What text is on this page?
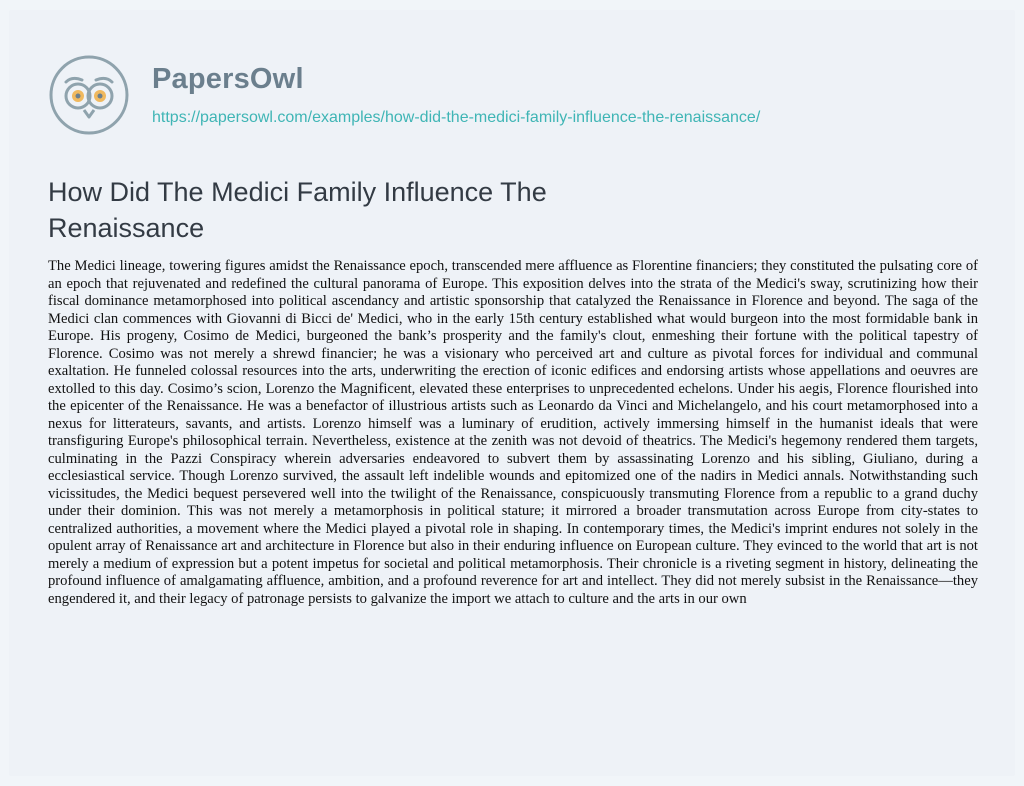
PapersOwl
https://papersowl.com/examples/how-did-the-medici-family-influence-the-renaissance/
How Did The Medici Family Influence The Renaissance

The Medici lineage, towering figures amidst the Renaissance epoch, transcended mere affluence as Florentine financiers; they constituted the pulsating core of an epoch that rejuvenated and redefined the cultural panorama of Europe. This exposition delves into the strata of the Medici's sway, scrutinizing how their fiscal dominance metamorphosed into political ascendancy and artistic sponsorship that catalyzed the Renaissance in Florence and beyond. The saga of the Medici clan commences with Giovanni di Bicci de' Medici, who in the early 15th century established what would burgeon into the most formidable bank in Europe. His progeny, Cosimo de Medici, burgeoned the bank’s prosperity and the family's clout, enmeshing their fortune with the political tapestry of Florence. Cosimo was not merely a shrewd financier; he was a visionary who perceived art and culture as pivotal forces for individual and communal exaltation. He funneled colossal resources into the arts, underwriting the erection of iconic edifices and endorsing artists whose appellations and oeuvres are extolled to this day. Cosimo’s scion, Lorenzo the Magnificent, elevated these enterprises to unprecedented echelons. Under his aegis, Florence flourished into the epicenter of the Renaissance. He was a benefactor of illustrious artists such as Leonardo da Vinci and Michelangelo, and his court metamorphosed into a nexus for litterateurs, savants, and artists. Lorenzo himself was a luminary of erudition, actively immersing himself in the humanist ideals that were transfiguring Europe's philosophical terrain. Nevertheless, existence at the zenith was not devoid of theatrics. The Medici's hegemony rendered them targets, culminating in the Pazzi Conspiracy wherein adversaries endeavored to subvert them by assassinating Lorenzo and his sibling, Giuliano, during a ecclesiastical service. Though Lorenzo survived, the assault left indelible wounds and epitomized one of the nadirs in Medici annals. Notwithstanding such vicissitudes, the Medici bequest persevered well into the twilight of the Renaissance, conspicuously transmuting Florence from a republic to a grand duchy under their dominion. This was not merely a metamorphosis in political stature; it mirrored a broader transmutation across Europe from city-states to centralized authorities, a movement where the Medici played a pivotal role in shaping. In contemporary times, the Medici's imprint endures not solely in the opulent array of Renaissance art and architecture in Florence but also in their enduring influence on European culture. They evinced to the world that art is not merely a medium of expression but a potent impetus for societal and political metamorphosis. Their chronicle is a riveting segment in history, delineating the profound influence of amalgamating affluence, ambition, and a profound reverence for art and intellect. They did not merely subsist in the Renaissance—they engendered it, and their legacy of patronage persists to galvanize the import we attach to culture and the arts in our own
